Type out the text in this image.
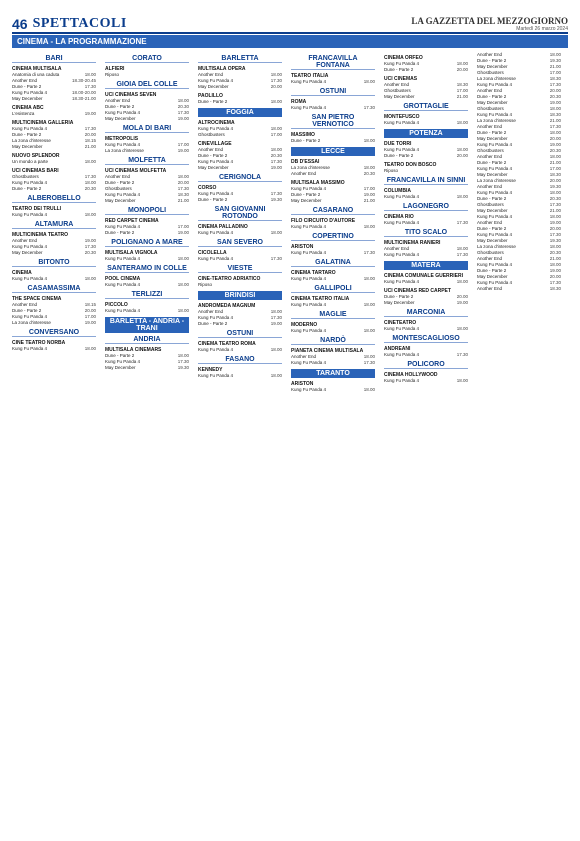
46 SPETTACOLI	LA GAZZETTA DEL MEZZOGIORNO
Martedì 26 marzo 2024
CINEMA - LA PROGRAMMAZIONE
BARI
CINEMA MULTISALA
Anatomia di una caduta	18.00
Another End	18.30-20.45
Dune - Parte 2	17.30
Kung Fu Panda 4	18.00-20.00
May December	18.30-21.00
CINEMA ABC
L'esistenza	19.00
MULTICINEMA GALLERIA
Kung Fu Panda 4	17.30
Dune - Parte 2	20.00
La zona d'interesse	18.15
May December	21.00
NUOVO SPLENDOR
Un mondo a parte	18.00
UCI CINEMAS BARI
Ghostbusters	17.30
Kung Fu Panda 4	18.00
Dune - Parte 2	20.30
ALBEROBELLO
TEATRO DEI TRULLI
Kung Fu Panda 4	18.00
ALTAMURA
MULTICINEMA TEATRO
Another End	19.00
Kung Fu Panda 4	17.30
May December	20.30
BITONTO
CINEMA
Kung Fu Panda 4	18.00
CASAMASSIMA
THE SPACE CINEMA
Another End	18.15
Dune - Parte 2	20.00
Kung Fu Panda 4	17.00
La zona d'interesse	19.00
CONVERSANO
CINE TEATRO NORBA
Kung Fu Panda 4	18.00
CORATO
ALFIERI
Riposo
GIOIA DEL COLLE
UCI CINEMAS SEVEN
Another End	18.00
Dune - Parte 2	20.30
Kung Fu Panda 4	17.30
May December	19.00
MOLA DI BARI
METROPOLIS
Kung Fu Panda 4	17.00
La zona d'interesse	19.00
MOLFETTA
UCI CINEMAS MOLFETTA
Another End	18.00
Dune - Parte 2	20.00
Ghostbusters	17.30
Kung Fu Panda 4	18.30
May December	21.00
MONOPOLI
RED CARPET CINEMA
Kung Fu Panda 4	17.00
Dune - Parte 2	19.00
POLIGNANO A MARE
MULTISALA VIGNOLA
Kung Fu Panda 4	18.00
SANTERAMO IN COLLE
POOL CINEMA
Kung Fu Panda 4	18.00
TERLIZZI
PICCOLO
Kung Fu Panda 4	18.00
BARLETTA - ANDRIA - TRANI
ANDRIA
MULTISALA CINEMARS
Dune - Parte 2	18.00
Kung Fu Panda 4	17.30
May December	19.30
BARLETTA
MULTISALA OPERA
Another End	18.00
Kung Fu Panda 4	17.30
May December	20.00
PAOLILLO
Dune - Parte 2	18.00
FOGGIA
ALTROCINEMA
Kung Fu Panda 4	18.00
Ghostbusters	17.00
CINEVILLAGE
Another End	18.00
Dune - Parte 2	20.30
Kung Fu Panda 4	17.30
May December	19.00
CERIGNOLA
CORSO
Kung Fu Panda 4	17.30
Dune - Parte 2	19.30
SAN GIOVANNI ROTONDO
CINEMA PALLADINO
Kung Fu Panda 4	18.00
SAN SEVERO
CICOLELLA
Kung Fu Panda 4	17.30
VIESTE
CINE-TEATRO ADRIATICO
Riposo
BRINDISI
ANDROMEDA MAGNUM
Another End	18.00
Kung Fu Panda 4	17.30
Dune - Parte 2	19.00
OSTUNI
CINEMA TEATRO ROMA
Kung Fu Panda 4	18.00
FASANO
KENNEDY
Kung Fu Panda 4	18.00
FRANCAVILLA FONTANA
TEATRO ITALIA
Kung Fu Panda 4	18.00
OSTUNI
ROMA
Kung Fu Panda 4	17.30
SAN PIETRO VERNOTICO
MASSIMO
Dune - Parte 2	18.00
LECCE
DB D'ESSAI
La zona d'interesse	18.00
Another End	20.30
MULTISALA MASSIMO
Kung Fu Panda 4	17.00
Dune - Parte 2	19.00
May December	21.00
CASARANO
FILO CIRCUITO D'AUTORE
Kung Fu Panda 4	18.00
COPERTINO
ARISTON
Kung Fu Panda 4	17.30
GALATINA
CINEMA TARTARO
Kung Fu Panda 4	18.00
GALLIPOLI
CINEMA TEATRO ITALIA
Kung Fu Panda 4	18.00
MAGLIE
MODERNO
Kung Fu Panda 4	18.00
NARDÒ
PIANETA CINEMA MULTISALA
Another End	18.00
Kung Fu Panda 4	17.30
TARANTO
ARISTON
Kung Fu Panda 4	18.00
CINEMA ORFEO
Kung Fu Panda 4	18.00
Dune - Parte 2	20.00
UCI CINEMAS
Another End	18.30
Ghostbusters	17.00
May December	21.00
GROTTAGLIE
MONTEFUSCO
Kung Fu Panda 4	18.00
POTENZA
DUE TORRI
Kung Fu Panda 4	18.00
Dune - Parte 2	20.00
TEATRO DON BOSCO
Riposo
FRANCAVILLA IN SINNI
COLUMBIA
Kung Fu Panda 4	18.00
LAGONEGRO
CINEMA RIO
Kung Fu Panda 4	17.30
TITO SCALO
MULTICINEMA RANIERI
Another End	18.00
Kung Fu Panda 4	17.30
MATERA
CINEMA COMUNALE GUERRIERI
Kung Fu Panda 4	18.00
UCI CINEMAS RED CARPET
Dune - Parte 2	20.00
May December	19.00
MARCONIA
CINETEATRO
Kung Fu Panda 4	18.00
MONTESCAGLIOSO
ANDREANI
Kung Fu Panda 4	17.30
POLICORO
CINEMA HOLLYWOOD
Kung Fu Panda 4	18.00
Another End	18.00
Dune - Parte 2	19.30
May December	21.00
Ghostbusters	17.00
La zona d'interesse	18.30
Kung Fu Panda 4	17.30
Another End	20.00
Dune - Parte 2	20.30
May December	19.00
Ghostbusters	18.00
Kung Fu Panda 4	18.30
La zona d'interesse	21.00
Another End	17.30
Dune - Parte 2	18.00
May December	20.00
Kung Fu Panda 4	19.00
Ghostbusters	20.30
Another End	18.00
Dune - Parte 2	21.00
Kung Fu Panda 4	17.00
May December	18.30
La zona d'interesse	20.00
Another End	19.30
Kung Fu Panda 4	18.00
Dune - Parte 2	20.30
Ghostbusters	17.30
May December	21.00
Kung Fu Panda 4	18.00
Another End	19.00
Dune - Parte 2	20.00
Kung Fu Panda 4	17.30
May December	19.30
La zona d'interesse	18.00
Ghostbusters	20.30
Another End	21.00
Kung Fu Panda 4	18.00
Dune - Parte 2	19.00
May December	20.00
Kung Fu Panda 4	17.30
Another End	18.30
